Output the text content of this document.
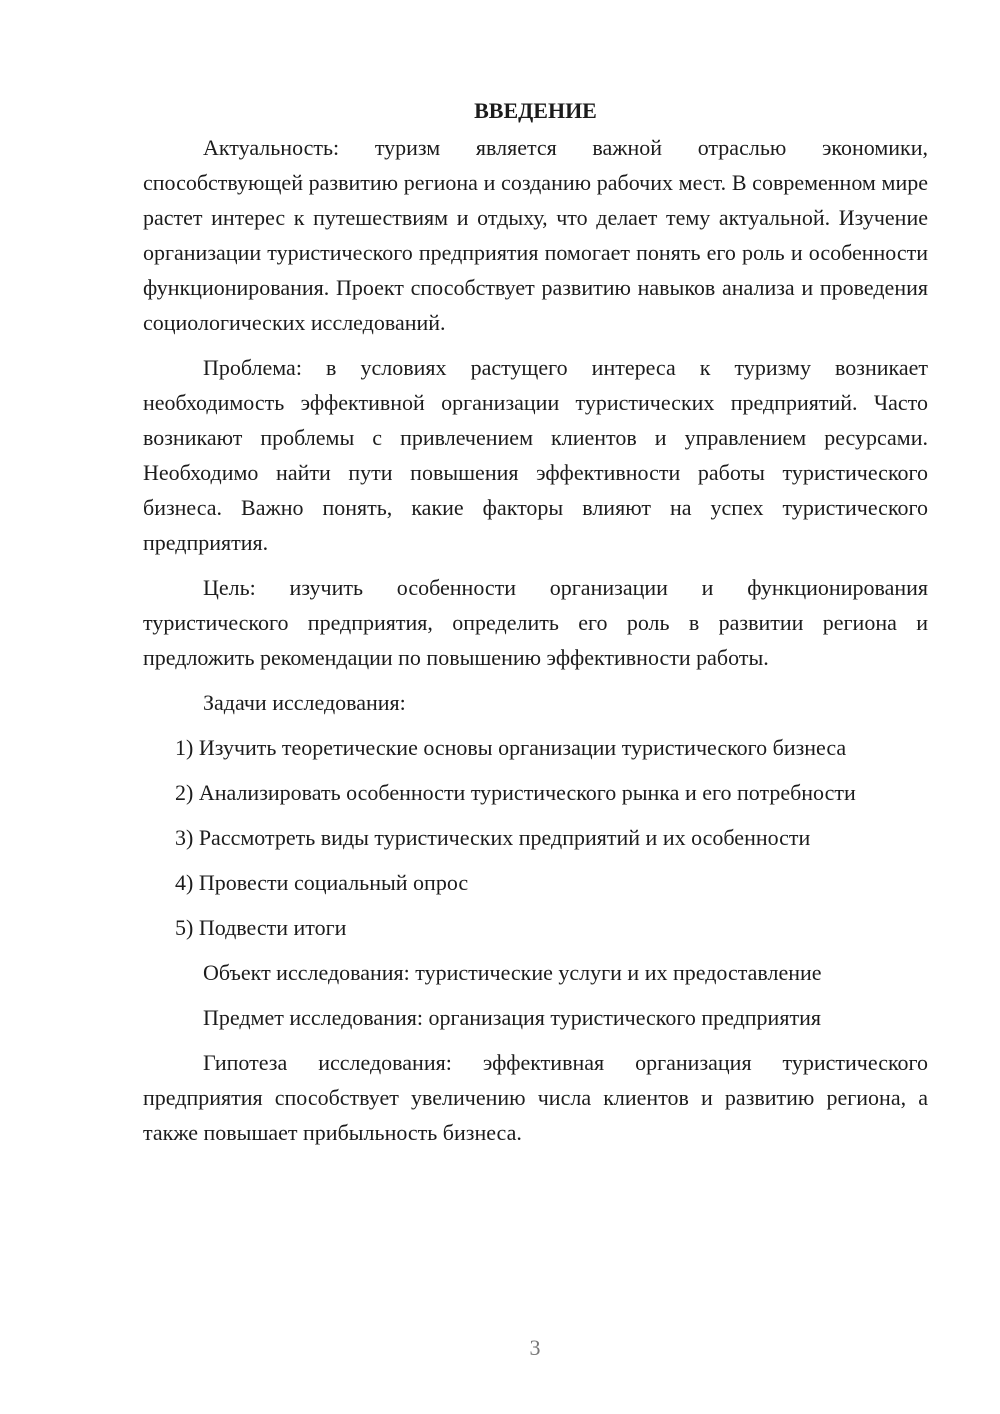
ВВЕДЕНИЕ

Актуальность: туризм является важной отраслью экономики, способствующей развитию региона и созданию рабочих мест. В современном мире растет интерес к путешествиям и отдыху, что делает тему актуальной. Изучение организации туристического предприятия помогает понять его роль и особенности функционирования. Проект способствует развитию навыков анализа и проведения социологических исследований.

Проблема: в условиях растущего интереса к туризму возникает необходимость эффективной организации туристических предприятий. Часто возникают проблемы с привлечением клиентов и управлением ресурсами. Необходимо найти пути повышения эффективности работы туристического бизнеса. Важно понять, какие факторы влияют на успех туристического предприятия.

Цель: изучить особенности организации и функционирования туристического предприятия, определить его роль в развитии региона и предложить рекомендации по повышению эффективности работы.

Задачи исследования:

1) Изучить теоретические основы организации туристического бизнеса

2) Анализировать особенности туристического рынка и его потребности

3) Рассмотреть виды туристических предприятий и их особенности

4) Провести социальный опрос

5) Подвести итоги

Объект исследования: туристические услуги и их предоставление

Предмет исследования: организация туристического предприятия

Гипотеза исследования: эффективная организация туристического предприятия способствует увеличению числа клиентов и развитию региона, а также повышает прибыльность бизнеса.

3
